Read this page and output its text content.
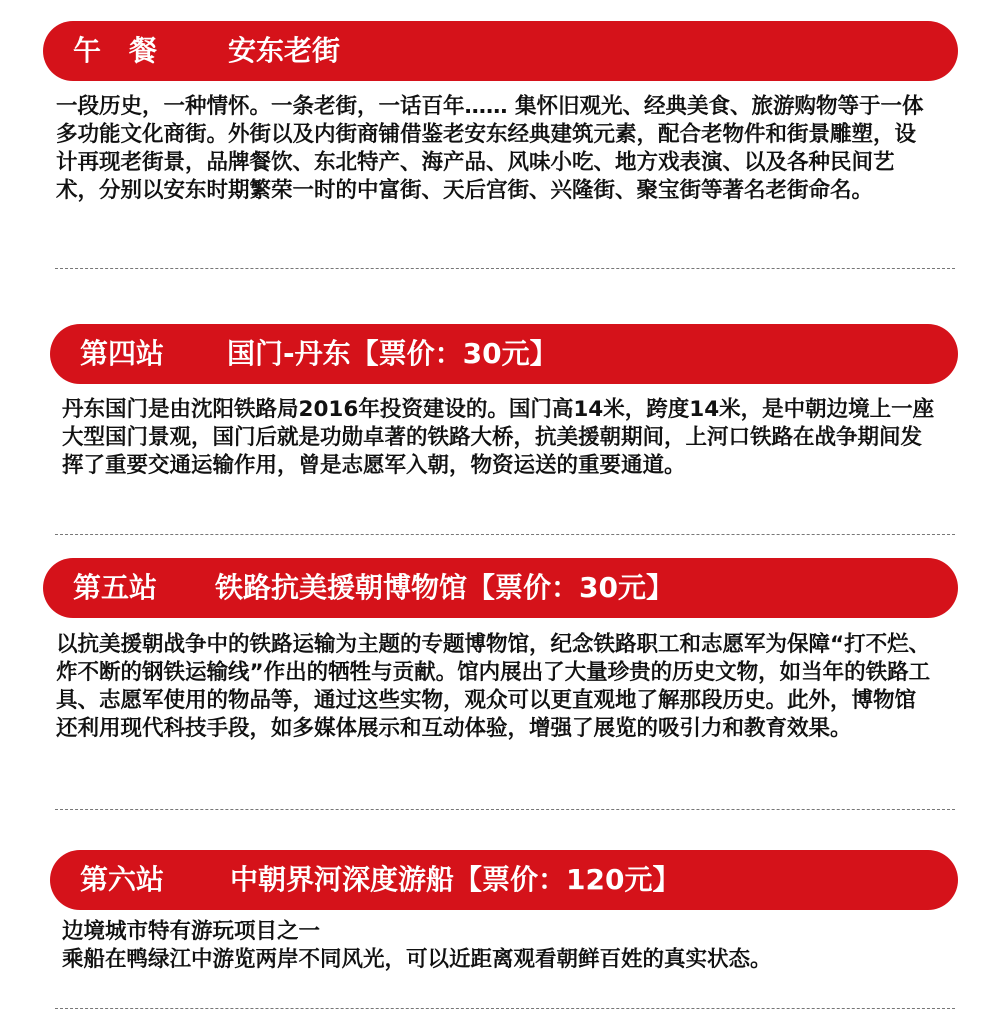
午　餐	安东老街
一段历史，一种情怀。一条老街，一话百年…… 集怀旧观光、经典美食、旅游购物等于一体多功能文化商街。外街以及内街商铺借鉴老安东经典建筑元素，配合老物件和街景雕塑，设计再现老街景，品牌餐饮、东北特产、海产品、风味小吃、地方戏表演、以及各种民间艺术，分别以安东时期繁荣一时的中富街、天后宫街、兴隆街、聚宝街等著名老街命名。
第四站 国门-丹东【票价：30元】
丹东国门是由沈阳铁路局2016年投资建设的。国门高14米，跨度14米，是中朝边境上一座大型国门景观，国门后就是功勋卓著的铁路大桥，抗美援朝期间，上河口铁路在战争期间发挥了重要交通运输作用，曾是志愿军入朝，物资运送的重要通道。
第五站 铁路抗美援朝博物馆【票价：30元】
以抗美援朝战争中的铁路运输为主题的专题博物馆，纪念铁路职工和志愿军为保障“打不烂、炸不断的钢铁运输线”作出的牺牲与贡献。馆内展出了大量珍贵的历史文物，如当年的铁路工具、志愿军使用的物品等，通过这些实物，观众可以更直观地了解那段历史。此外，博物馆还利用现代科技手段，如多媒体展示和互动体验，增强了展览的吸引力和教育效果。
第六站 中朝界河深度游船【票价：120元】
边境城市特有游玩项目之一
乘船在鸭绿江中游览两岸不同风光，可以近距离观看朝鲜百姓的真实状态。
